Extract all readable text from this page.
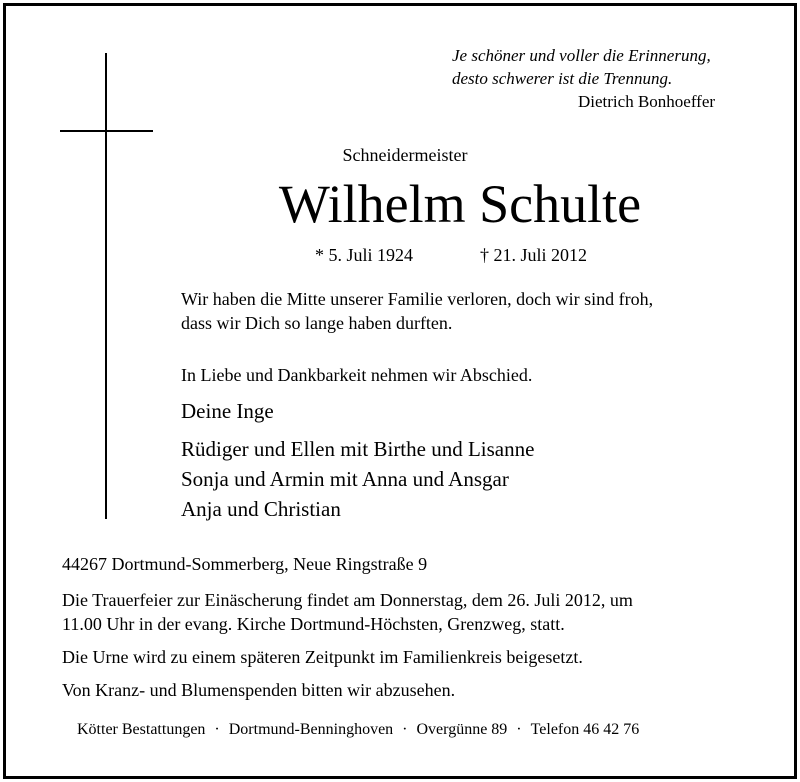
Je schöner und voller die Erinnerung,
desto schwerer ist die Trennung.
Dietrich Bonhoeffer
Schneidermeister
Wilhelm Schulte
* 5. Juli 1924	† 21. Juli 2012
Wir haben die Mitte unserer Familie verloren, doch wir sind froh,
dass wir Dich so lange haben durften.
In Liebe und Dankbarkeit nehmen wir Abschied.
Deine Inge
Rüdiger und Ellen mit Birthe und Lisanne
Sonja und Armin mit Anna und Ansgar
Anja und Christian
44267 Dortmund-Sommerberg, Neue Ringstraße 9
Die Trauerfeier zur Einäscherung findet am Donnerstag, dem 26. Juli 2012, um
11.00 Uhr in der evang. Kirche Dortmund-Höchsten, Grenzweg, statt.
Die Urne wird zu einem späteren Zeitpunkt im Familienkreis beigesetzt.
Von Kranz- und Blumenspenden bitten wir abzusehen.
Kötter Bestattungen · Dortmund-Benninghoven · Overgünne 89 · Telefon 46 42 76
